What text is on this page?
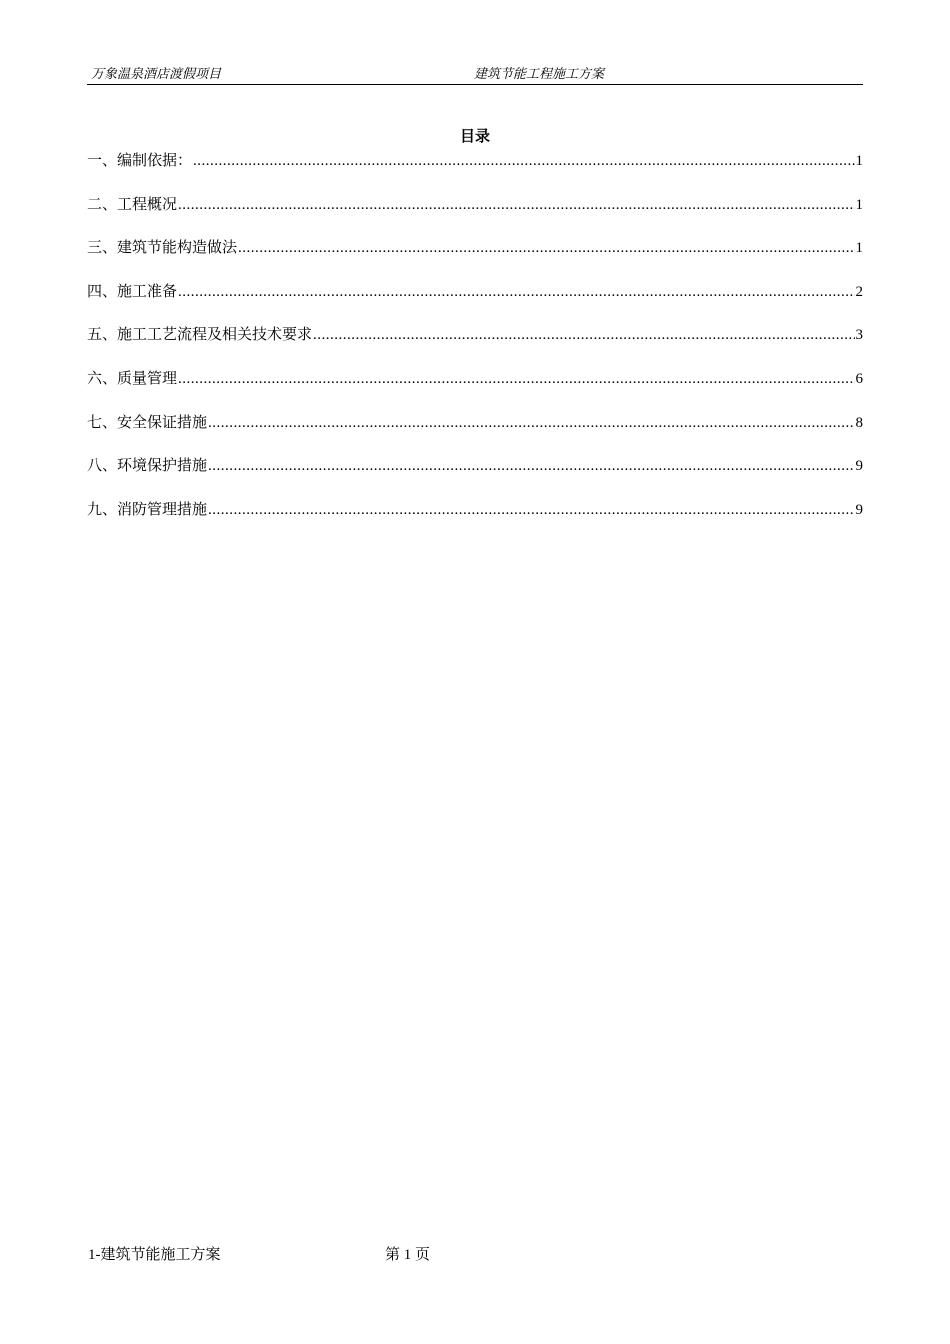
万象温泉酒店渡假项目	建筑节能工程施工方案
目录
一、编制依据： .....	1
二、工程概况 .....	1
三、建筑节能构造做法 .....	1
四、施工准备 .....	2
五、施工工艺流程及相关技术要求 .....	3
六、质量管理 .....	6
七、安全保证措施 .....	8
八、环境保护措施 .....	9
九、消防管理措施 .....	9
1-建筑节能施工方案	第 1 页
